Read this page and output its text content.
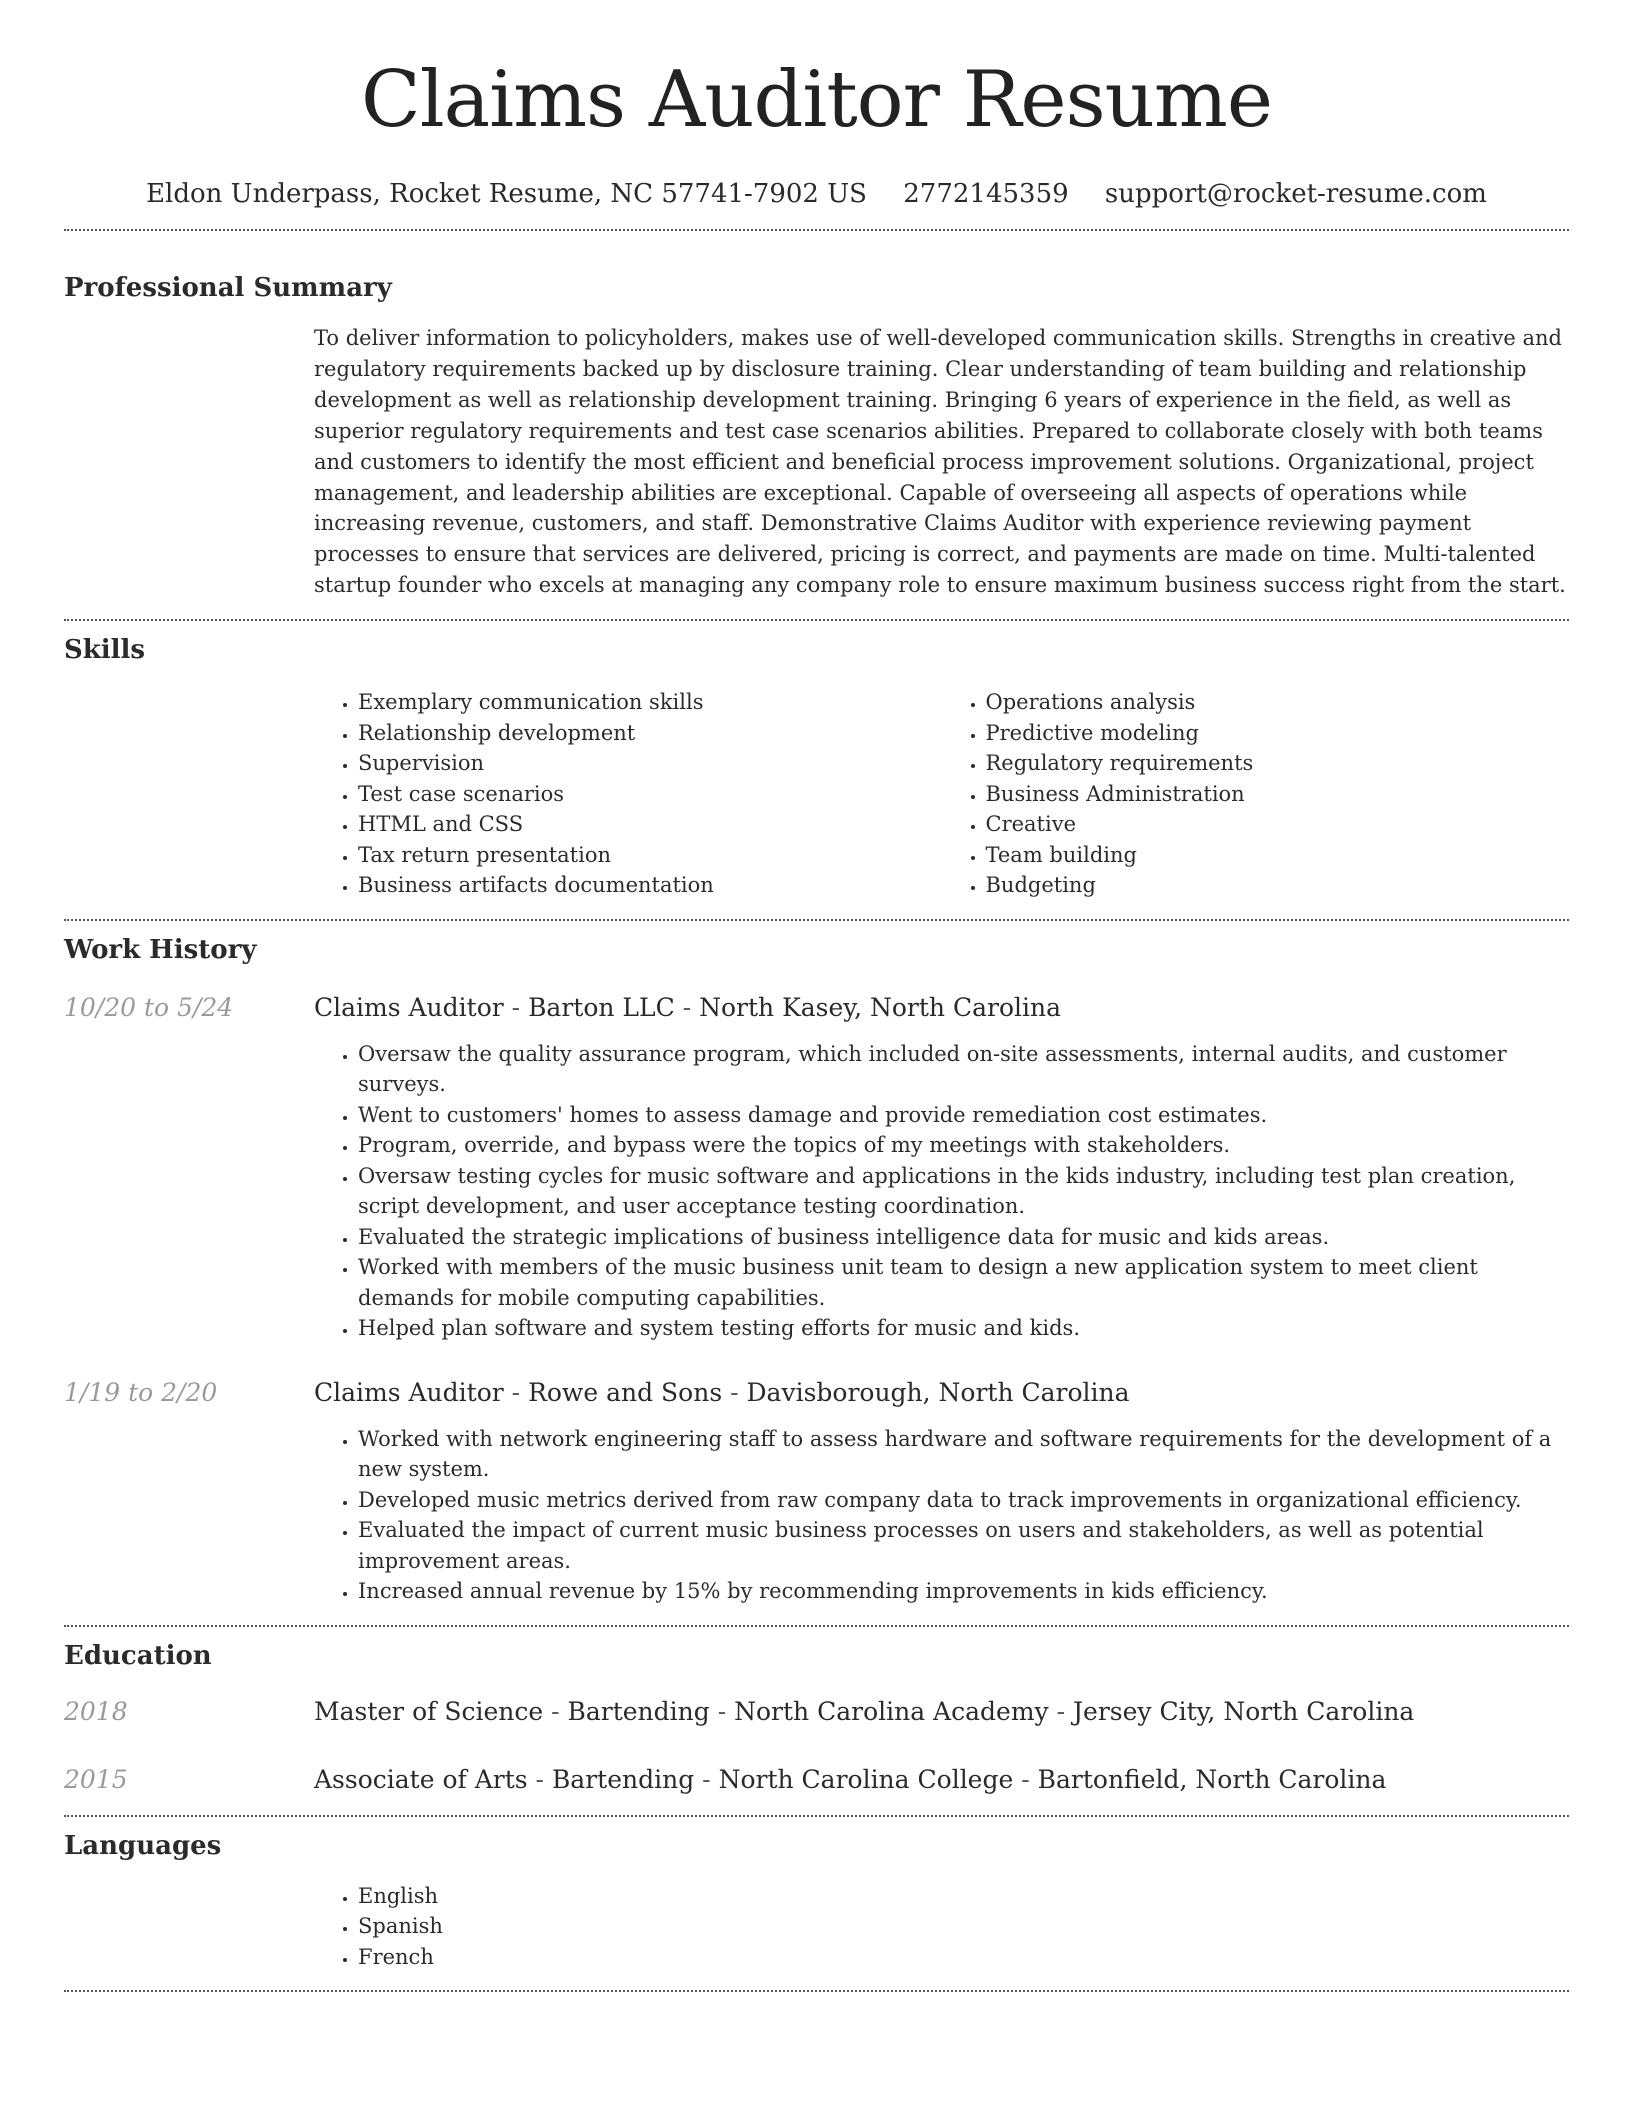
Claims Auditor Resume
Eldon Underpass, Rocket Resume, NC 57741-7902 US 2772145359 support@rocket-resume.com
Professional Summary

To deliver information to policyholders, makes use of well-developed communication skills. Strengths in creative and regulatory requirements backed up by disclosure training. Clear understanding of team building and relationship development as well as relationship development training. Bringing 6 years of experience in the field, as well as superior regulatory requirements and test case scenarios abilities. Prepared to collaborate closely with both teams and customers to identify the most efficient and beneficial process improvement solutions. Organizational, project management, and leadership abilities are exceptional. Capable of overseeing all aspects of operations while increasing revenue, customers, and staff. Demonstrative Claims Auditor with experience reviewing payment processes to ensure that services are delivered, pricing is correct, and payments are made on time. Multi-talented startup founder who excels at managing any company role to ensure maximum business success right from the start.

Skills
• Exemplary communication skills
• Relationship development
• Supervision
• Test case scenarios
• HTML and CSS
• Tax return presentation
• Business artifacts documentation
• Operations analysis
• Predictive modeling
• Regulatory requirements
• Business Administration
• Creative
• Team building
• Budgeting
Work History
10/20 to 5/24	Claims Auditor - Barton LLC - North Kasey, North Carolina
• Oversaw the quality assurance program, which included on-site assessments, internal audits, and customer surveys.
• Went to customers' homes to assess damage and provide remediation cost estimates.
• Program, override, and bypass were the topics of my meetings with stakeholders.
• Oversaw testing cycles for music software and applications in the kids industry, including test plan creation, script development, and user acceptance testing coordination.
• Evaluated the strategic implications of business intelligence data for music and kids areas.
• Worked with members of the music business unit team to design a new application system to meet client demands for mobile computing capabilities.
• Helped plan software and system testing efforts for music and kids.
1/19 to 2/20	Claims Auditor - Rowe and Sons - Davisborough, North Carolina
• Worked with network engineering staff to assess hardware and software requirements for the development of a new system.
• Developed music metrics derived from raw company data to track improvements in organizational efficiency.
• Evaluated the impact of current music business processes on users and stakeholders, as well as potential improvement areas.
• Increased annual revenue by 15% by recommending improvements in kids efficiency.
Education
2018	Master of Science - Bartending - North Carolina Academy - Jersey City, North Carolina
2015	Associate of Arts - Bartending - North Carolina College - Bartonfield, North Carolina
Languages
• English
• Spanish
• French
